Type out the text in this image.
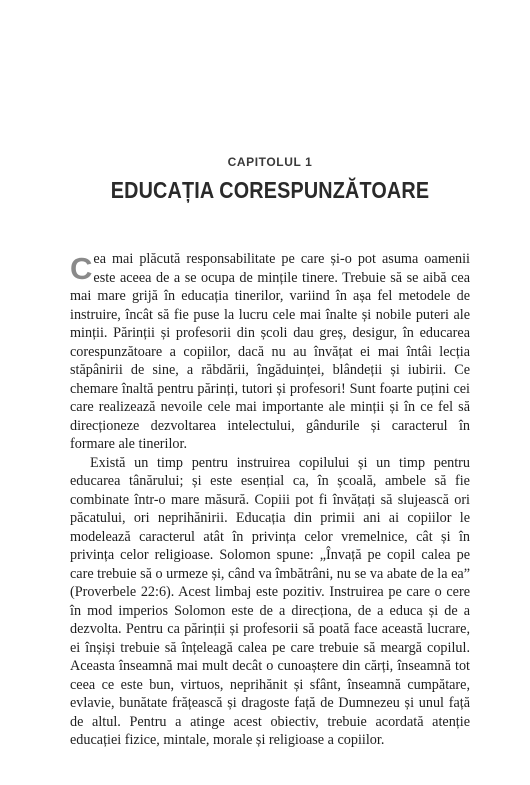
CAPITOLUL 1
EDUCAȚIA CORESPUNZĂTOARE

Cea mai plăcută responsabilitate pe care și-o pot asuma oamenii este aceea de a se ocupa de mințile tinere. Trebuie să se aibă cea mai mare grijă în educația tinerilor, variind în așa fel metodele de instruire, încât să fie puse la lucru cele mai înalte și nobile puteri ale minții. Părinții și profesorii din școli dau greș, desigur, în educarea corespunzătoare a copiilor, dacă nu au învățat ei mai întâi lecția stăpânirii de sine, a răbdării, îngăduinței, blândeții și iubirii. Ce chemare înaltă pentru părinți, tutori și profesori! Sunt foarte puțini cei care realizează nevoile cele mai importante ale minții și în ce fel să direcționeze dezvoltarea intelectului, gândurile și caracterul în formare ale tinerilor.

Există un timp pentru instruirea copilului și un timp pentru educarea tânărului; și este esențial ca, în școală, ambele să fie combinate într-o mare măsură. Copiii pot fi învățați să slujească ori păcatului, ori neprihănirii. Educația din primii ani ai copiilor le modelează caracterul atât în privința celor vremelnice, cât și în privința celor religioase. Solomon spune: „Învață pe copil calea pe care trebuie să o urmeze și, când va îmbătrâni, nu se va abate de la ea” (Proverbele 22:6). Acest limbaj este pozitiv. Instruirea pe care o cere în mod imperios Solomon este de a direcționa, de a educa și de a dezvolta. Pentru ca părinții și profesorii să poată face această lucrare, ei înșiși trebuie să înțeleagă calea pe care trebuie să meargă copilul. Aceasta înseamnă mai mult decât o cunoaștere din cărți, înseamnă tot ceea ce este bun, virtuos, neprihănit și sfânt, înseamnă cumpătare, evlavie, bunătate frățească și dragoste față de Dumnezeu și unul față de altul. Pentru a atinge acest obiectiv, trebuie acordată atenție educației fizice, mintale, morale și religioase a copiilor.
